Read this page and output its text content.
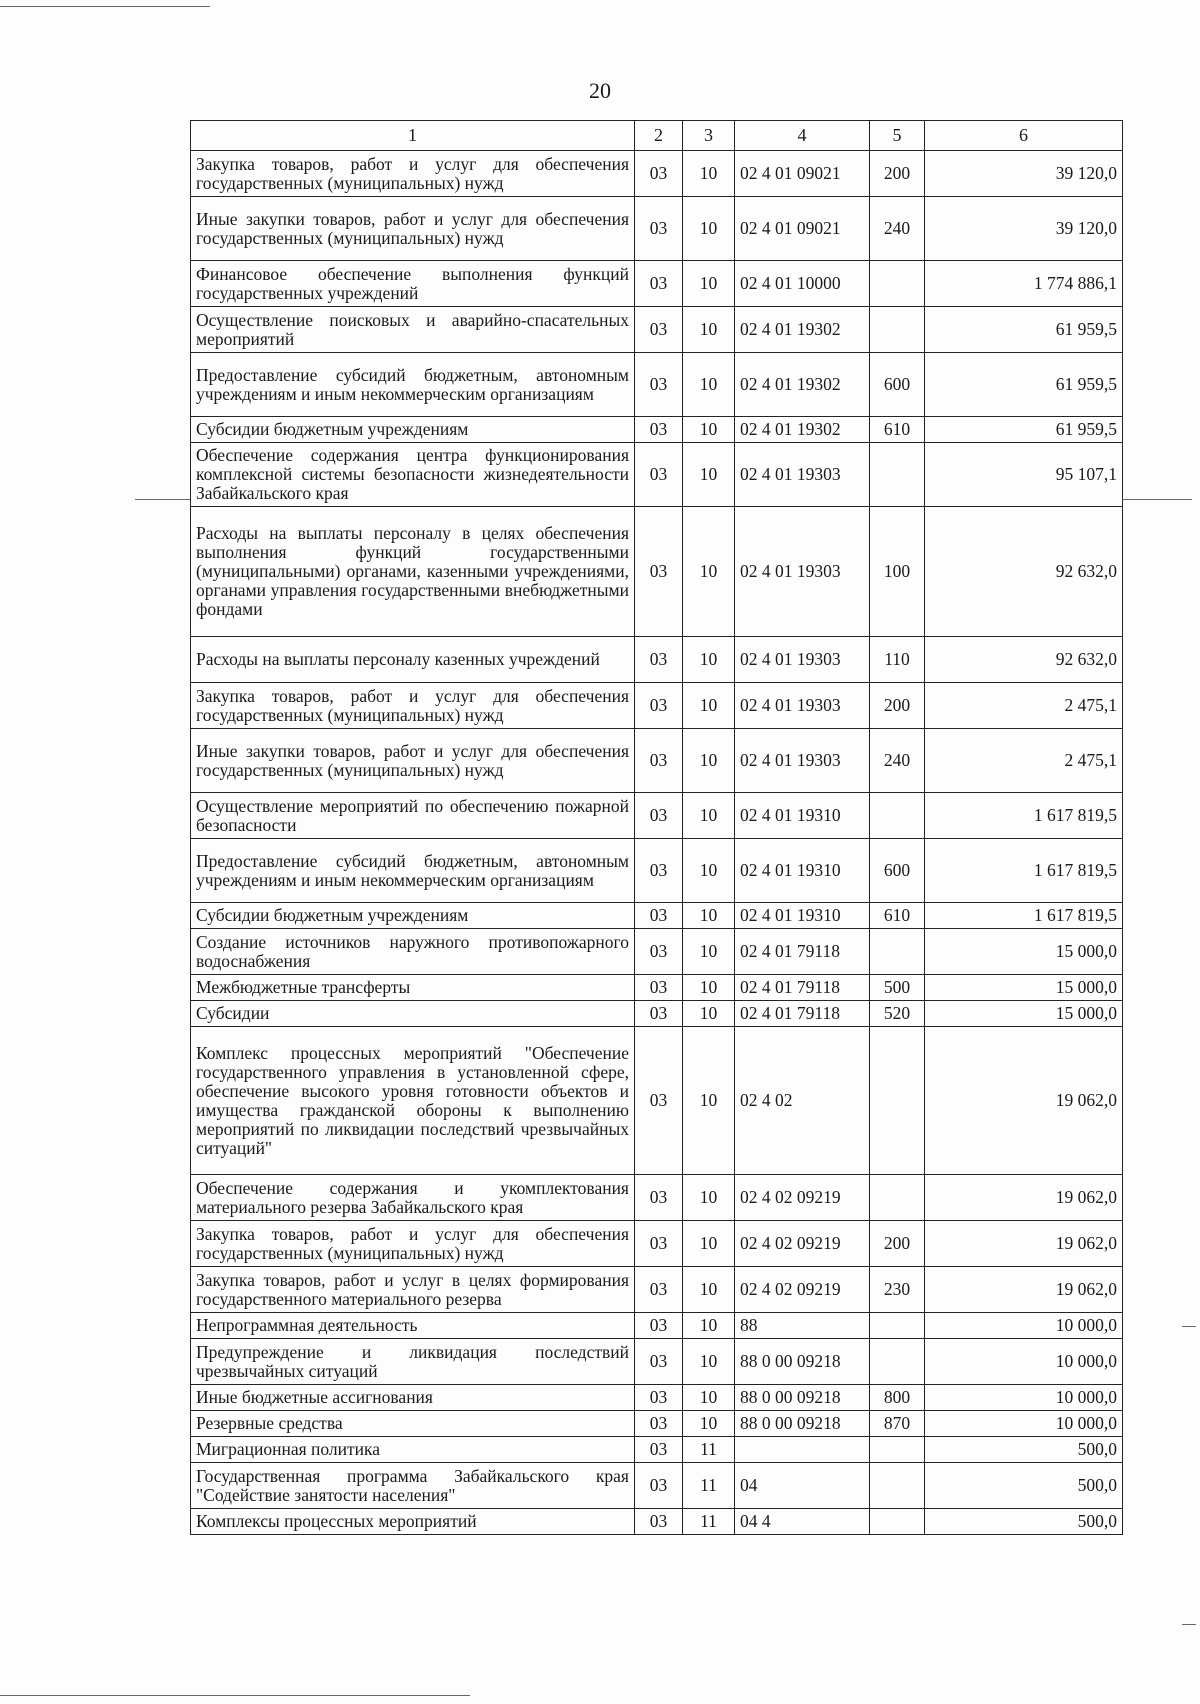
20
1	2	3	4	5	6
Закупка товаров, работ и услуг для обеспечения государственных (муниципальных) нужд	03	10	02 4 01 09021	200	39 120,0
Иные закупки товаров, работ и услуг для обеспечения государственных (муниципальных) нужд	03	10	02 4 01 09021	240	39 120,0
Финансовое обеспечение выполнения функций государственных учреждений	03	10	02 4 01 10000		1 774 886,1
Осуществление поисковых и аварийно-спасательных мероприятий	03	10	02 4 01 19302		61 959,5
Предоставление субсидий бюджетным, автономным учреждениям и иным некоммерческим организациям	03	10	02 4 01 19302	600	61 959,5
Субсидии бюджетным учреждениям	03	10	02 4 01 19302	610	61 959,5
Обеспечение содержания центра функционирования комплексной системы безопасности жизнедеятельности Забайкальского края	03	10	02 4 01 19303		95 107,1
Расходы на выплаты персоналу в целях обеспечения выполнения функций государственными (муниципальными) органами, казенными учреждениями, органами управления государственными внебюджетными фондами	03	10	02 4 01 19303	100	92 632,0
Расходы на выплаты персоналу казенных учреждений	03	10	02 4 01 19303	110	92 632,0
Закупка товаров, работ и услуг для обеспечения государственных (муниципальных) нужд	03	10	02 4 01 19303	200	2 475,1
Иные закупки товаров, работ и услуг для обеспечения государственных (муниципальных) нужд	03	10	02 4 01 19303	240	2 475,1
Осуществление мероприятий по обеспечению пожарной безопасности	03	10	02 4 01 19310		1 617 819,5
Предоставление субсидий бюджетным, автономным учреждениям и иным некоммерческим организациям	03	10	02 4 01 19310	600	1 617 819,5
Субсидии бюджетным учреждениям	03	10	02 4 01 19310	610	1 617 819,5
Создание источников наружного противопожарного водоснабжения	03	10	02 4 01 79118		15 000,0
Межбюджетные трансферты	03	10	02 4 01 79118	500	15 000,0
Субсидии	03	10	02 4 01 79118	520	15 000,0
Комплекс процессных мероприятий "Обеспечение государственного управления в установленной сфере, обеспечение высокого уровня готовности объектов и имущества гражданской обороны к выполнению мероприятий по ликвидации последствий чрезвычайных ситуаций"	03	10	02 4 02		19 062,0
Обеспечение содержания и укомплектования материального резерва Забайкальского края	03	10	02 4 02 09219		19 062,0
Закупка товаров, работ и услуг для обеспечения государственных (муниципальных) нужд	03	10	02 4 02 09219	200	19 062,0
Закупка товаров, работ и услуг в целях формирования государственного материального резерва	03	10	02 4 02 09219	230	19 062,0
Непрограммная деятельность	03	10	88		10 000,0
Предупреждение и ликвидация последствий чрезвычайных ситуаций	03	10	88 0 00 09218		10 000,0
Иные бюджетные ассигнования	03	10	88 0 00 09218	800	10 000,0
Резервные средства	03	10	88 0 00 09218	870	10 000,0
Миграционная политика	03	11			500,0
Государственная программа Забайкальского края "Содействие занятости населения"	03	11	04		500,0
Комплексы процессных мероприятий	03	11	04 4		500,0
